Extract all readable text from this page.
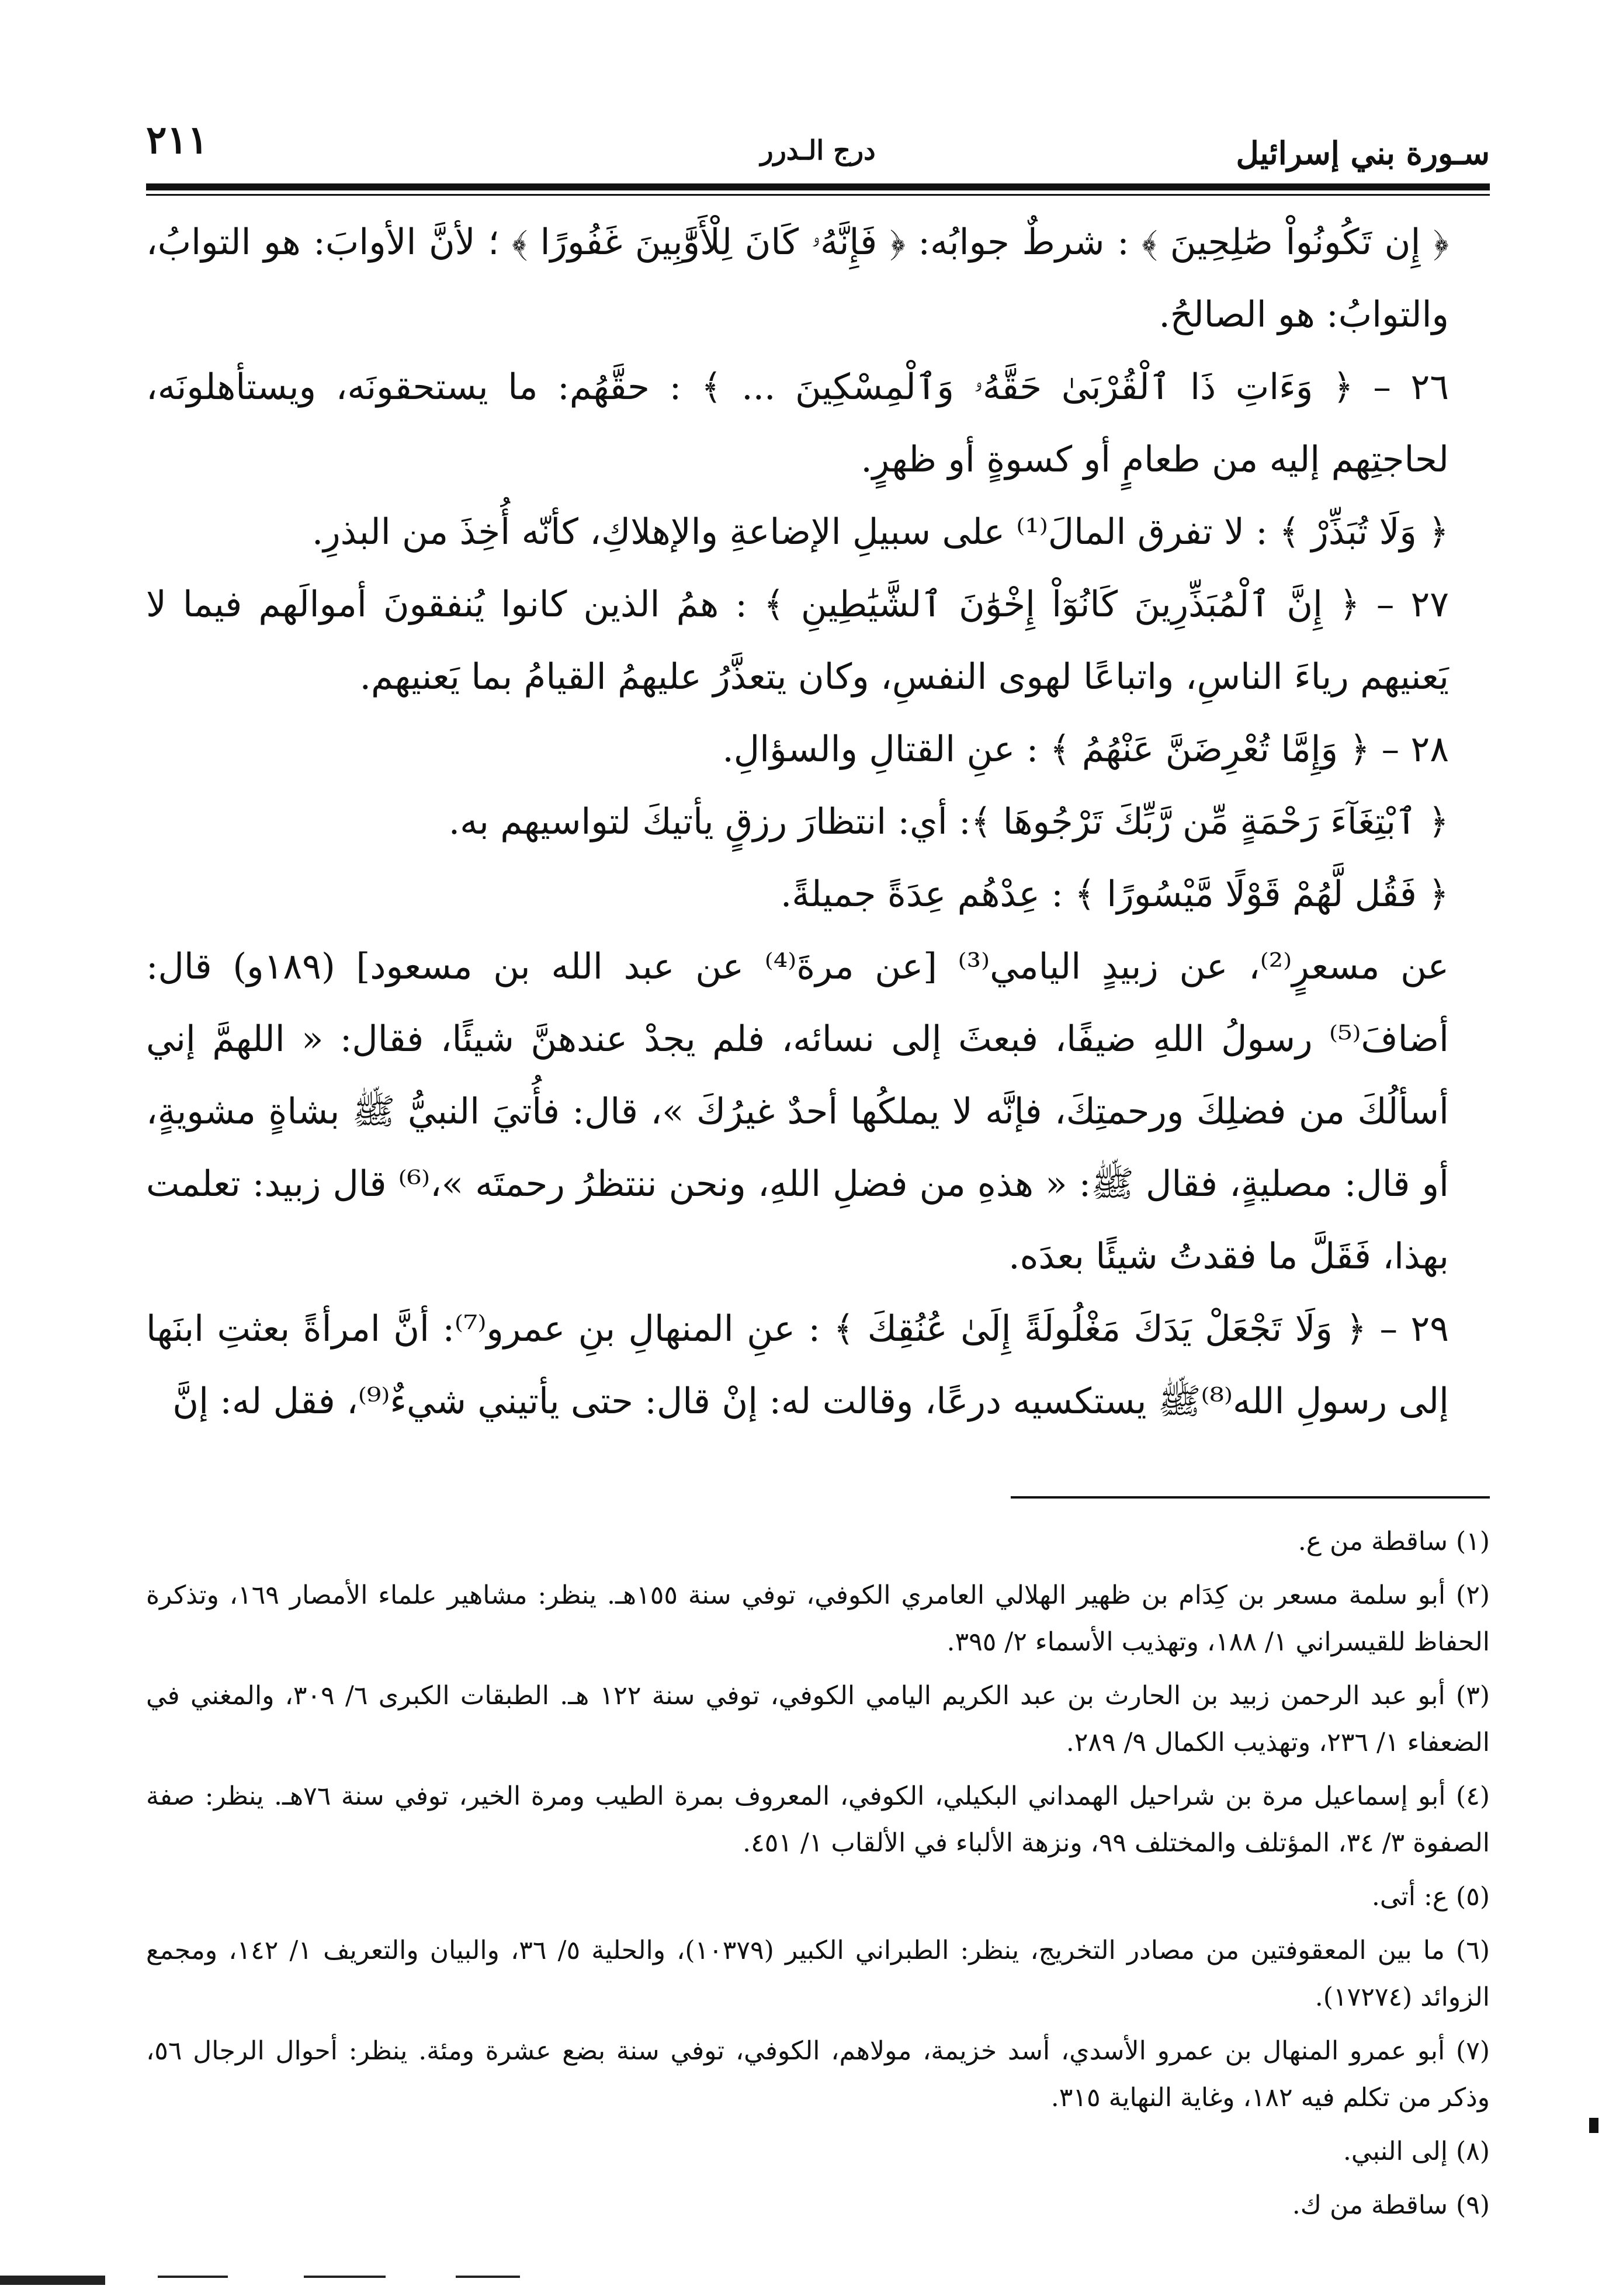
سـورة بني إسرائيل
درج الـدرر
٢١١

﴿ إِن تَكُونُواْ صَٰلِحِينَ ﴾ : شرطٌ جوابُه: ﴿ فَإِنَّهُۥ كَانَ لِلْأَوَّٰبِينَ غَفُورًا ﴾ ؛ لأنَّ الأوابَ: هو التوابُ، والتوابُ: هو الصالحُ.

٢٦ – ﴿ وَءَاتِ ذَا ٱلْقُرْبَىٰ حَقَّهُۥ وَٱلْمِسْكِينَ ... ﴾ : حقَّهُم: ما يستحقونَه، ويستأهلونَه، لحاجتِهم إليه من طعامٍ أو كسوةٍ أو ظهرٍ.

﴿ وَلَا تُبَذِّرْ ﴾ : لا تفرق المالَ⁽¹⁾ على سبيلِ الإضاعةِ والإهلاكِ، كأنّه أُخِذَ من البذرِ.

٢٧ – ﴿ إِنَّ ٱلْمُبَذِّرِينَ كَانُوٓاْ إِخْوَٰنَ ٱلشَّيَٰطِينِ ﴾ : همُ الذين كانوا يُنفقونَ أموالَهم فيما لا يَعنيهم رياءَ الناسِ، واتباعًا لهوى النفسِ، وكان يتعذَّرُ عليهمُ القيامُ بما يَعنيهم.

٢٨ – ﴿ وَإِمَّا تُعْرِضَنَّ عَنْهُمُ ﴾ : عنِ القتالِ والسؤالِ.

﴿ ٱبْتِغَآءَ رَحْمَةٍ مِّن رَّبِّكَ تَرْجُوهَا ﴾: أي: انتظارَ رزقٍ يأتيكَ لتواسيهم به.

﴿ فَقُل لَّهُمْ قَوْلًا مَّيْسُورًا ﴾ : عِدْهُم عِدَةً جميلةً.

عن مسعرٍ⁽²⁾، عن زبيدٍ اليامي⁽³⁾ [عن مرةَ⁽⁴⁾ عن عبد الله بن مسعود] (١٨٩و) قال: أضافَ⁽⁵⁾ رسولُ اللهِ ضيفًا، فبعثَ إلى نسائه، فلم يجدْ عندهنَّ شيئًا، فقال: « اللهمَّ إني أسألُكَ من فضلِكَ ورحمتِكَ، فإنَّه لا يملكُها أحدٌ غيرُكَ »، قال: فأُتيَ النبيُّ ﷺ بشاةٍ مشويةٍ، أو قال: مصليةٍ، فقال ﷺ: « هذهِ من فضلِ اللهِ، ونحن ننتظرُ رحمتَه »،⁽⁶⁾ قال زبيد: تعلمت بهذا، فَقَلَّ ما فقدتُ شيئًا بعدَه.

٢٩ – ﴿ وَلَا تَجْعَلْ يَدَكَ مَغْلُولَةً إِلَىٰ عُنُقِكَ ﴾ : عنِ المنهالِ بنِ عمرو⁽⁷⁾: أنَّ امرأةً بعثتِ ابنَها إلى رسولِ الله⁽⁸⁾ﷺ يستكسيه درعًا، وقالت له: إنْ قال: حتى يأتيني شيءٌ⁽⁹⁾، فقل له: إنَّ

(١) ساقطة من ع.
(٢) أبو سلمة مسعر بن كِدَام بن ظهير الهلالي العامري الكوفي، توفي سنة ١٥٥هـ. ينظر: مشاهير علماء الأمصار ١٦٩، وتذكرة الحفاظ للقيسراني ١/ ١٨٨، وتهذيب الأسماء ٢/ ٣٩٥.
(٣) أبو عبد الرحمن زبيد بن الحارث بن عبد الكريم اليامي الكوفي، توفي سنة ١٢٢ هـ. الطبقات الكبرى ٦/ ٣٠٩، والمغني في الضعفاء ١/ ٢٣٦، وتهذيب الكمال ٩/ ٢٨٩.
(٤) أبو إسماعيل مرة بن شراحيل الهمداني البكيلي، الكوفي، المعروف بمرة الطيب ومرة الخير، توفي سنة ٧٦هـ. ينظر: صفة الصفوة ٣/ ٣٤، المؤتلف والمختلف ٩٩، ونزهة الألباء في الألقاب ١/ ٤٥١.
(٥) ع: أتى.
(٦) ما بين المعقوفتين من مصادر التخريج، ينظر: الطبراني الكبير (١٠٣٧٩)، والحلية ٥/ ٣٦، والبيان والتعريف ١/ ١٤٢، ومجمع الزوائد (١٧٢٧٤).
(٧) أبو عمرو المنهال بن عمرو الأسدي، أسد خزيمة، مولاهم، الكوفي، توفي سنة بضع عشرة ومئة. ينظر: أحوال الرجال ٥٦، وذكر من تكلم فيه ١٨٢، وغاية النهاية ٣١٥.
(٨) إلى النبي.
(٩) ساقطة من ك.
